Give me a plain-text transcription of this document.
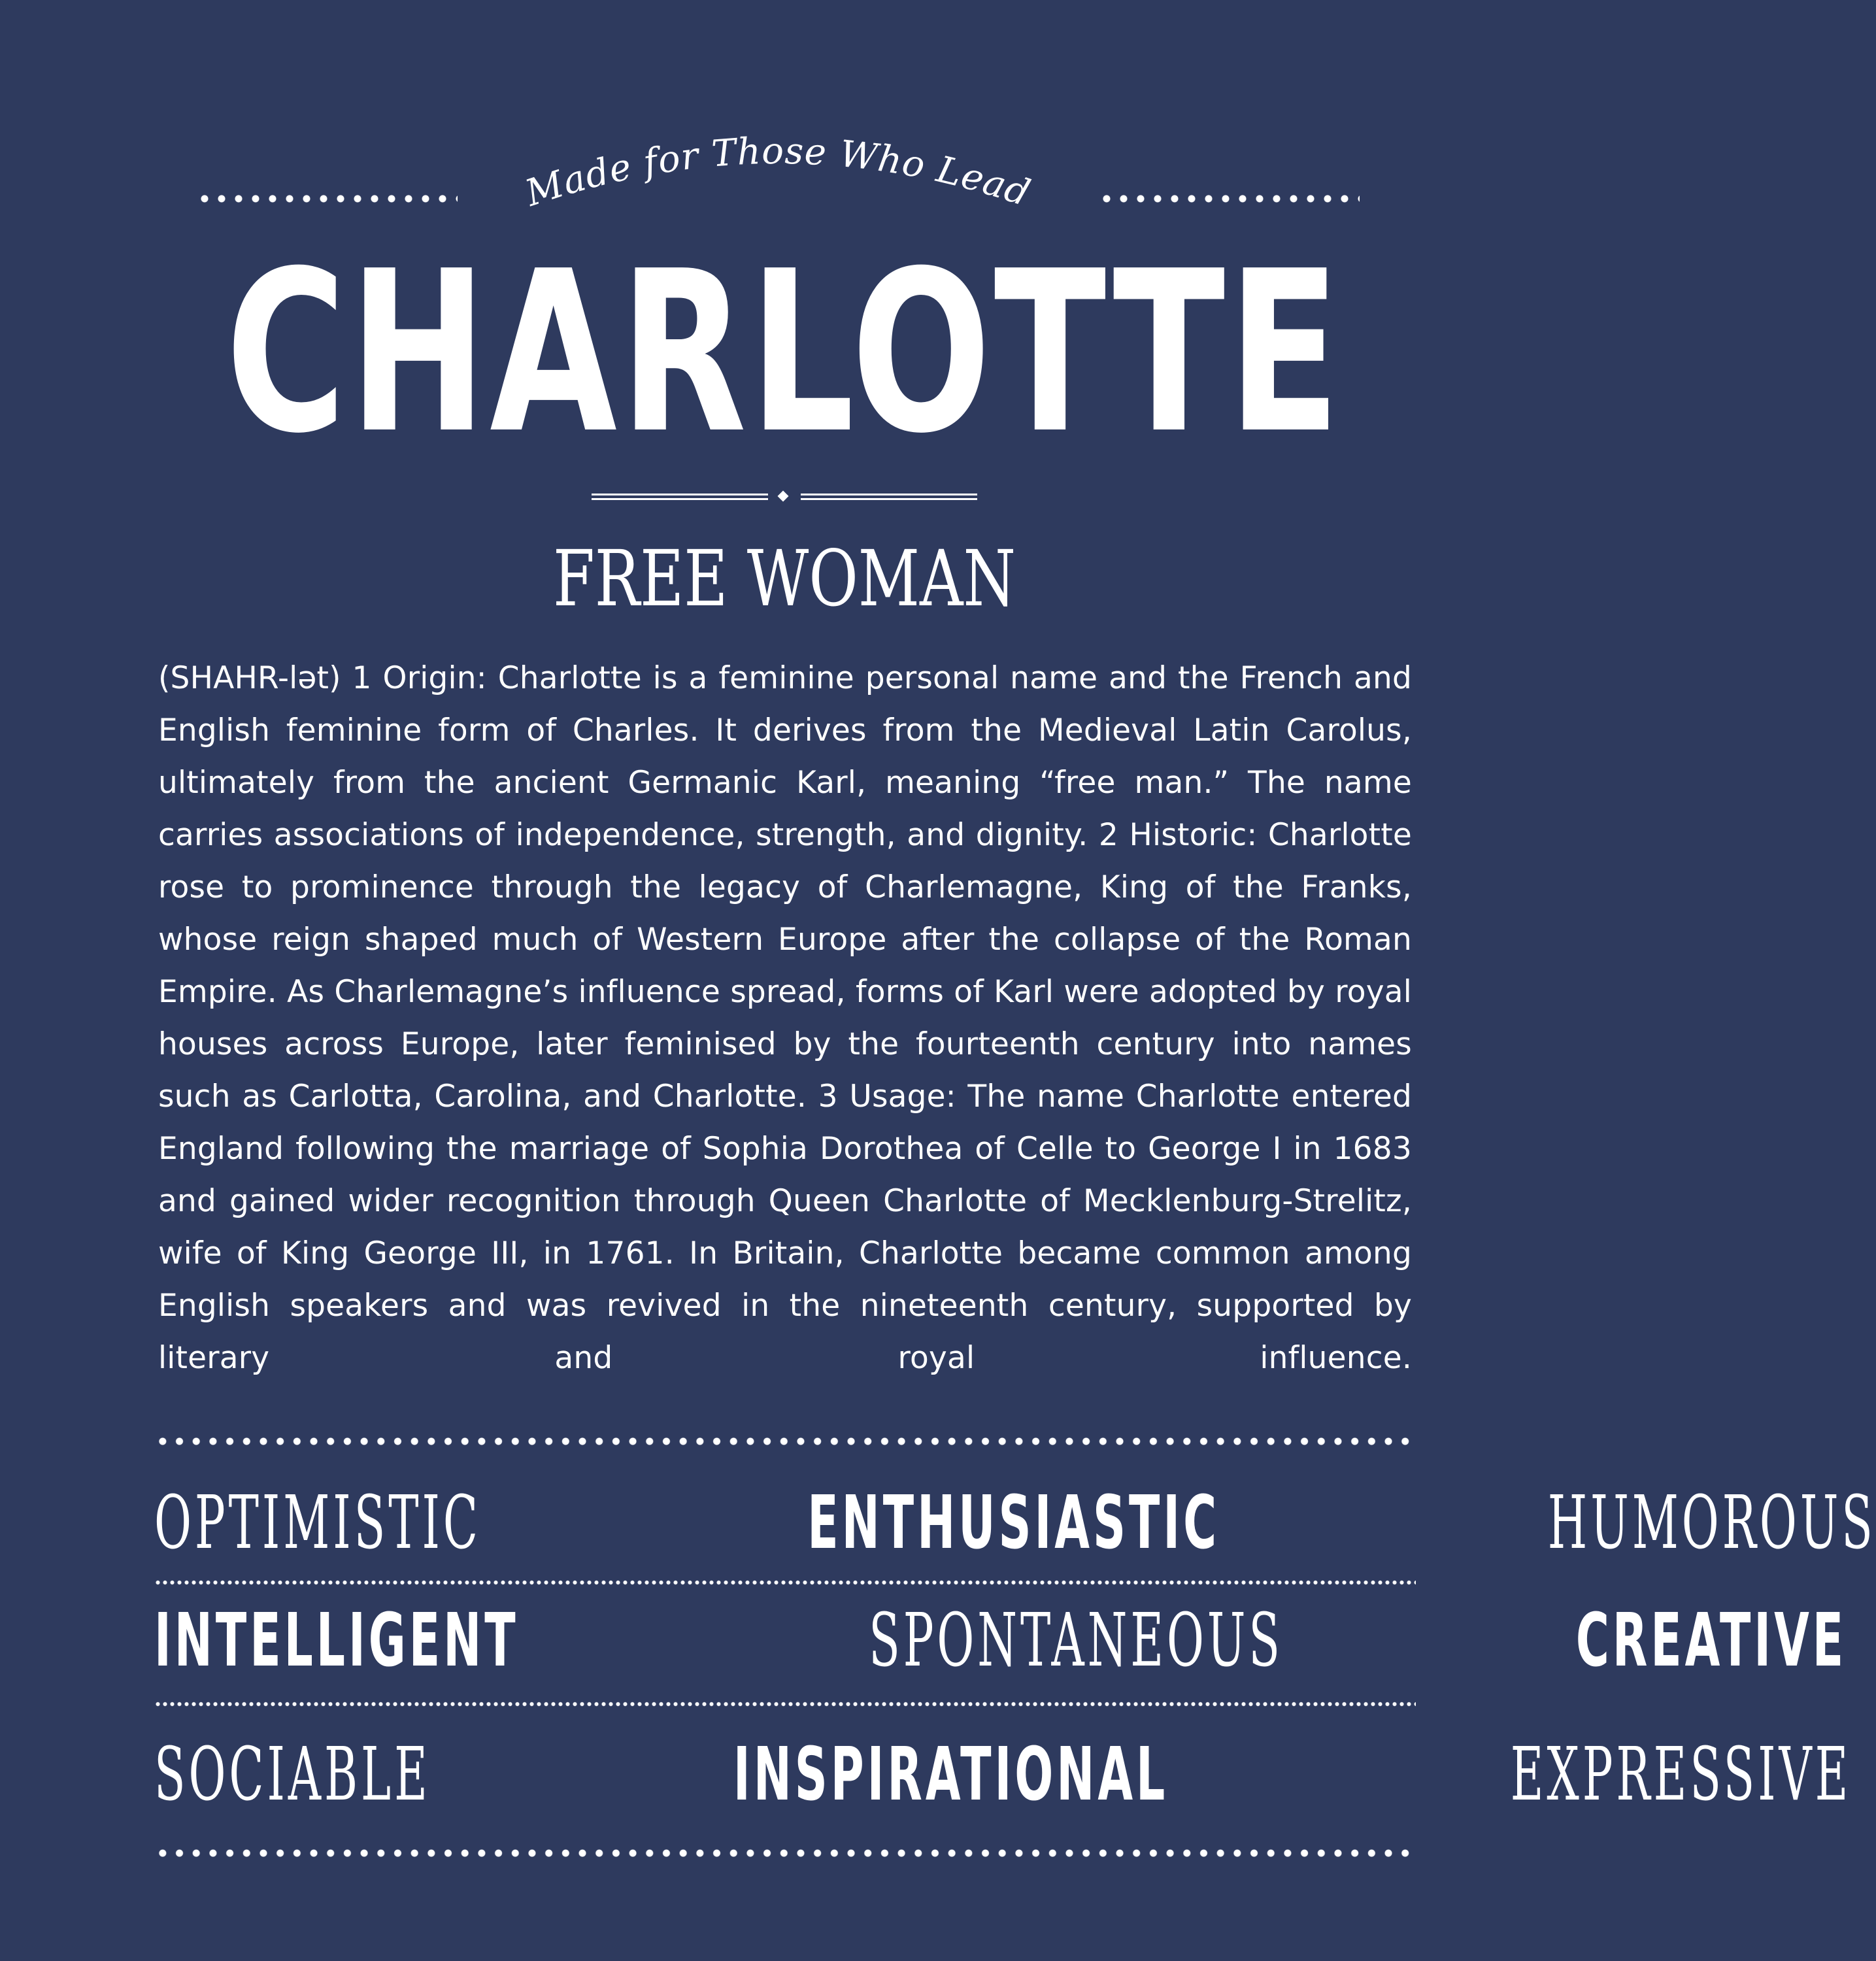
Made for Those Who Lead
CHARLOTTE
FREE WOMAN
(SHAHR-lət) 1 Origin: Charlotte is a feminine personal name and the French and English feminine form of Charles. It derives from the Medieval Latin Carolus, ultimately from the ancient Germanic Karl, meaning “free man.” The name carries associations of independence, strength, and dignity. 2 Historic: Charlotte rose to prominence through the legacy of Charlemagne, King of the Franks, whose reign shaped much of Western Europe after the collapse of the Roman Empire. As Charlemagne’s influence spread, forms of Karl were adopted by royal houses across Europe, later feminised by the fourteenth century into names such as Carlotta, Carolina, and Charlotte. 3 Usage: The name Charlotte entered England following the marriage of Sophia Dorothea of Celle to George I in 1683 and gained wider recognition through Queen Charlotte of Mecklenburg-Strelitz, wife of King George III, in 1761. In Britain, Charlotte became common among English speakers and was revived in the nineteenth century, supported by literary and royal influence.
OPTIMISTIC	ENTHUSIASTIC	HUMOROUS
INTELLIGENT	SPONTANEOUS	CREATIVE
SOCIABLE	INSPIRATIONAL	EXPRESSIVE
